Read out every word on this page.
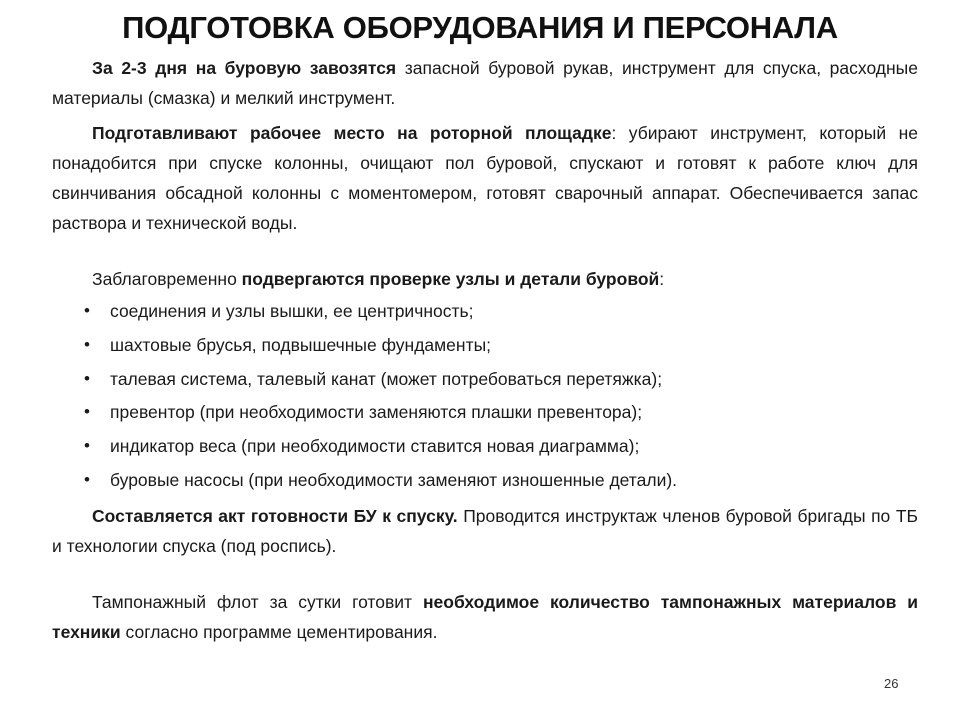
ПОДГОТОВКА ОБОРУДОВАНИЯ И ПЕРСОНАЛА

За 2-3 дня на буровую завозятся запасной буровой рукав, инструмент для спуска, расходные материалы (смазка) и мелкий инструмент.

Подготавливают рабочее место на роторной площадке: убирают инструмент, который не понадобится при спуске колонны, очищают пол буровой, спускают и готовят к работе ключ для свинчивания обсадной колонны с моментомером, готовят сварочный аппарат. Обеспечивается запас раствора и технической воды.

Заблаговременно подвергаются проверке узлы и детали буровой:

• соединения и узлы вышки, ее центричность;
• шахтовые брусья, подвышечные фундаменты;
• талевая система, талевый канат (может потребоваться перетяжка);
• превентор (при необходимости заменяются плашки превентора);
• индикатор веса (при необходимости ставится новая диаграмма);
• буровые насосы (при необходимости заменяют изношенные детали).

Составляется акт готовности БУ к спуску. Проводится инструктаж членов буровой бригады по ТБ и технологии спуска (под роспись).

Тампонажный флот за сутки готовит необходимое количество тампонажных материалов и техники согласно программе цементирования.

26
